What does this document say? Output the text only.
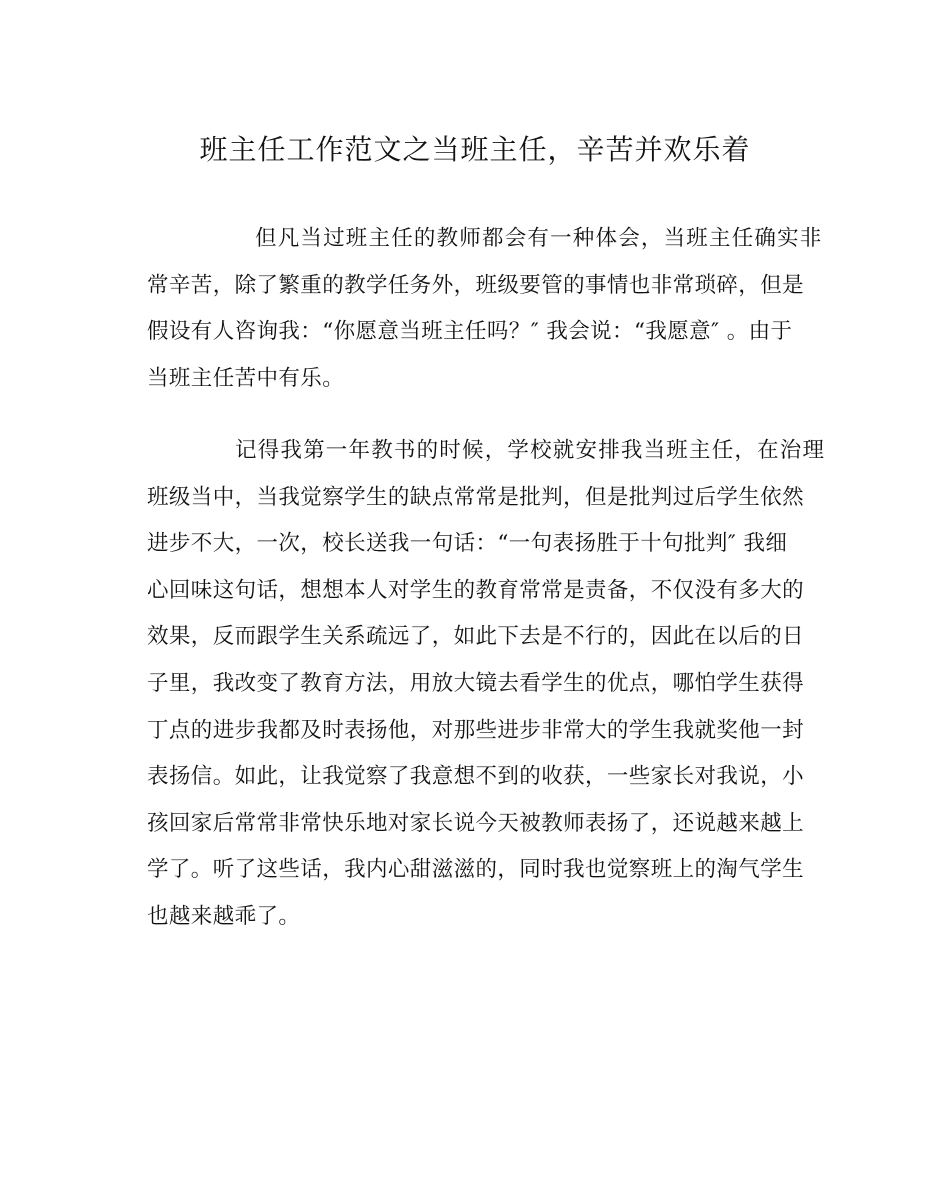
班主任工作范文之当班主任，辛苦并欢乐着
但凡当过班主任的教师都会有一种体会，当班主任确实非
常辛苦，除了繁重的教学任务外，班级要管的事情也非常琐碎，但是
假设有人咨询我：“你愿意当班主任吗？″ 我会说：“我愿意″ 。由于
当班主任苦中有乐。
记得我第一年教书的时候，学校就安排我当班主任，在治理
班级当中，当我觉察学生的缺点常常是批判，但是批判过后学生依然
进步不大，一次，校长送我一句话：“一句表扬胜于十句批判″ 我细
心回味这句话，想想本人对学生的教育常常是责备，不仅没有多大的
效果，反而跟学生关系疏远了，如此下去是不行的，因此在以后的日
子里，我改变了教育方法，用放大镜去看学生的优点，哪怕学生获得
丁点的进步我都及时表扬他，对那些进步非常大的学生我就奖他一封
表扬信。如此，让我觉察了我意想不到的收获，一些家长对我说，小
孩回家后常常非常快乐地对家长说今天被教师表扬了，还说越来越上
学了。听了这些话，我内心甜滋滋的，同时我也觉察班上的淘气学生
也越来越乖了。
